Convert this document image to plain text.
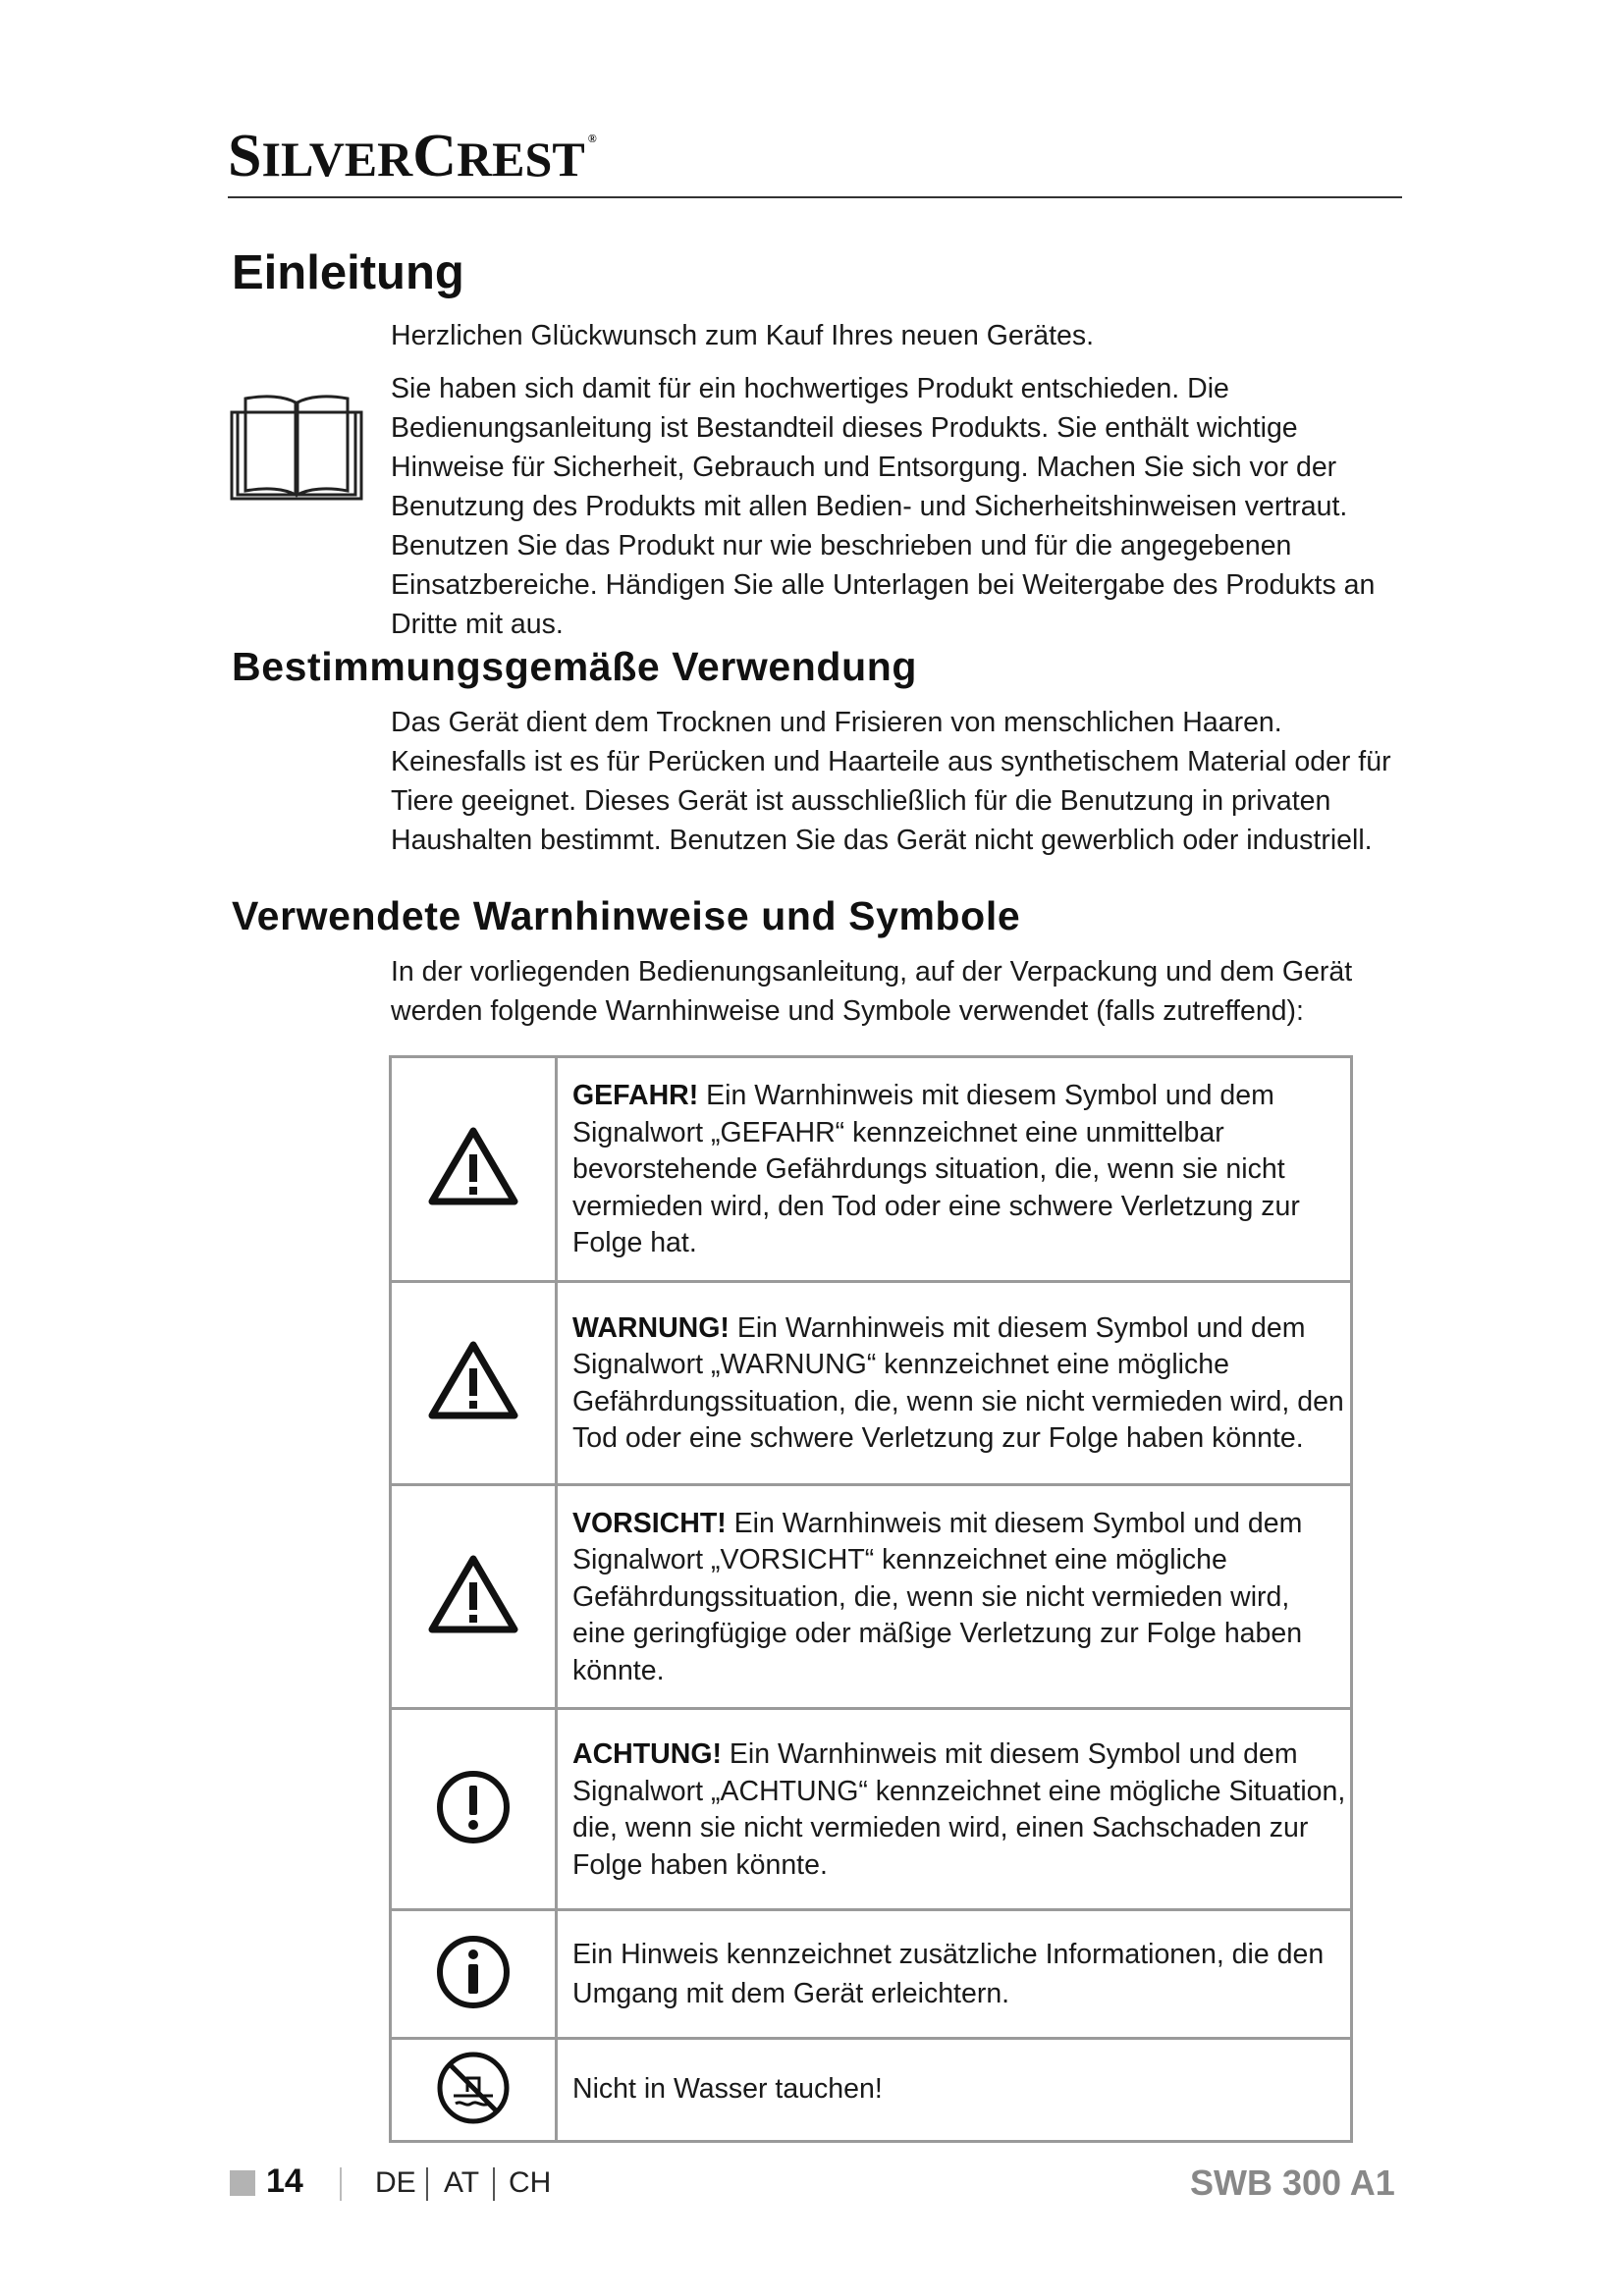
SILVERCREST ®
Einleitung

Herzlichen Glückwunsch zum Kauf Ihres neuen Gerätes.

Sie haben sich damit für ein hochwertiges Produkt entschieden. Die Bedienungsanleitung ist Bestandteil dieses Produkts. Sie enthält wichtige Hinweise für Sicherheit, Gebrauch und Entsorgung. Machen Sie sich vor der Benutzung des Produkts mit allen Bedien- und Sicherheitshinweisen vertraut. Benutzen Sie das Produkt nur wie beschrieben und für die angegebenen Einsatzbereiche. Händigen Sie alle Unterlagen bei Weitergabe des Produkts an Dritte mit aus.

Bestimmungsgemäße Verwendung

Das Gerät dient dem Trocknen und Frisieren von menschlichen Haaren. Keinesfalls ist es für Perücken und Haarteile aus synthetischem Material oder für Tiere geeignet. Dieses Gerät ist ausschließlich für die Benutzung in privaten Haushalten bestimmt. Benutzen Sie das Gerät nicht gewerblich oder industriell.

Verwendete Warnhinweise und Symbole

In der vorliegenden Bedienungsanleitung, auf der Verpackung und dem Gerät werden folgende Warnhinweise und Symbole verwendet (falls zutreffend):

	GEFAHR! Ein Warnhinweis mit diesem Symbol und dem Signalwort „GEFAHR“ kennzeichnet eine unmittelbar bevorstehende Gefährdungs situation, die, wenn sie nicht vermieden wird, den Tod oder eine schwere Verletzung zur Folge hat.
	WARNUNG! Ein Warnhinweis mit diesem Symbol und dem Signalwort „WARNUNG“ kennzeichnet eine mögliche Gefährdungssituation, die, wenn sie nicht vermieden wird, den Tod oder eine schwere Verletzung zur Folge haben könnte.
	VORSICHT! Ein Warnhinweis mit diesem Symbol und dem Signalwort „VORSICHT“ kennzeichnet eine mögliche Gefährdungssituation, die, wenn sie nicht vermieden wird, eine geringfügige oder mäßige Verletzung zur Folge haben könnte.
	ACHTUNG! Ein Warnhinweis mit diesem Symbol und dem Signalwort „ACHTUNG“ kennzeichnet eine mögliche Situation, die, wenn sie nicht vermieden wird, einen Sachschaden zur Folge haben könnte.
	Ein Hinweis kennzeichnet zusätzliche Informationen, die den Umgang mit dem Gerät erleichtern.
	Nicht in Wasser tauchen!
14 DE AT CH	SWB 300 A1
